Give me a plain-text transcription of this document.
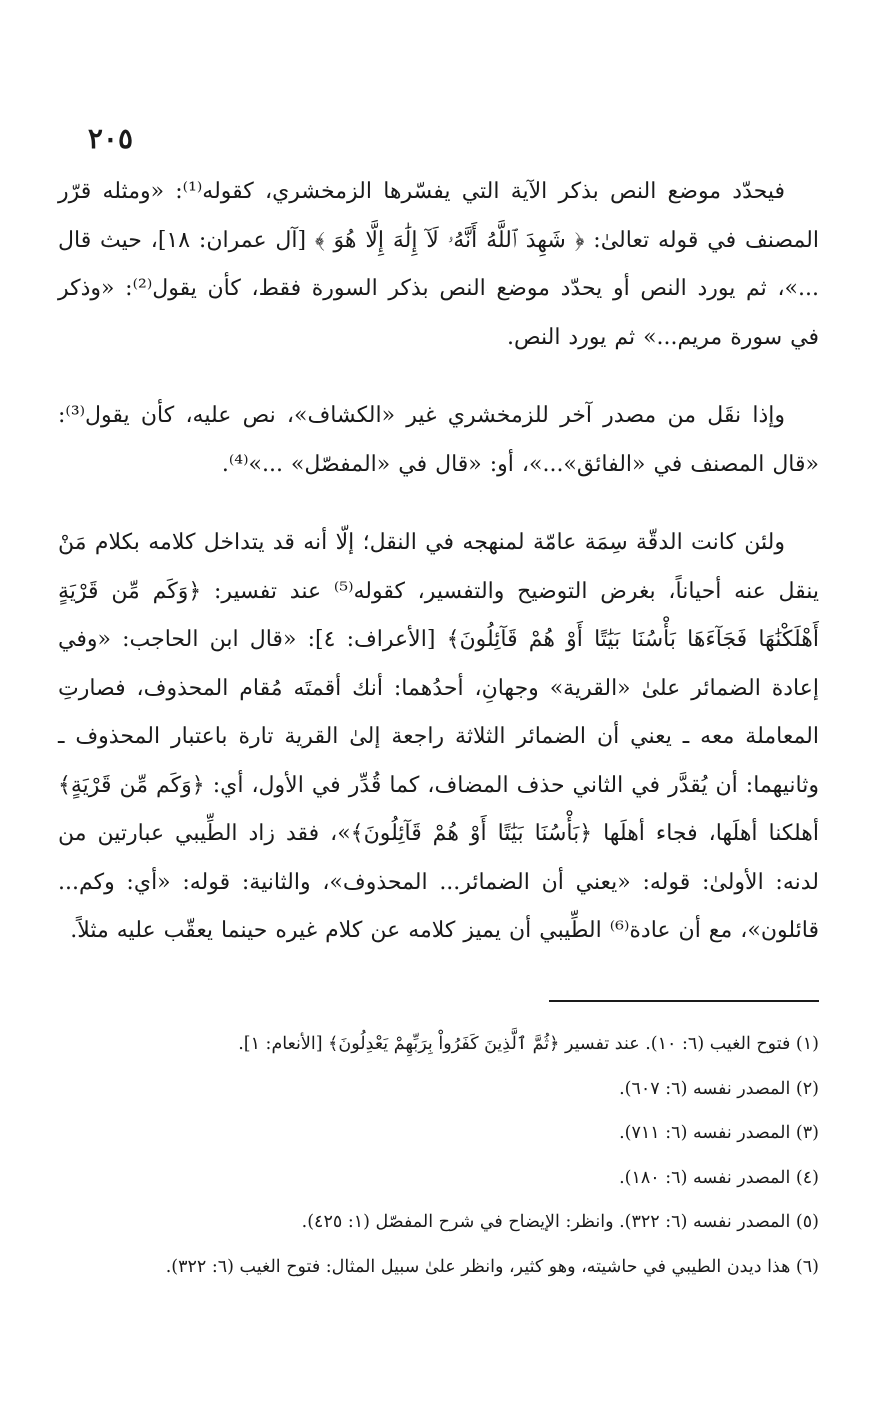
٢٠٥

فيحدّد موضع النص بذكر الآية التي يفسّرها الزمخشري، كقوله⁽¹⁾: «ومثله قرّر المصنف في قوله تعالىٰ: ﴿ شَهِدَ ٱللَّهُ أَنَّهُۥ لَآ إِلَٰهَ إِلَّا هُوَ ﴾ [آل عمران: ١٨]، حيث قال ...»، ثم يورد النص أو يحدّد موضع النص بذكر السورة فقط، كأن يقول⁽²⁾: «وذكر في سورة مريم...» ثم يورد النص.

وإذا نقَل من مصدر آخر للزمخشري غير «الكشاف»، نص عليه، كأن يقول⁽³⁾: «قال المصنف في «الفائق»...»، أو: «قال في «المفصّل» ...»⁽⁴⁾.

ولئن كانت الدقّة سِمَة عامّة لمنهجه في النقل؛ إلّا أنه قد يتداخل كلامه بكلام مَنْ ينقل عنه أحياناً، بغرض التوضيح والتفسير، كقوله⁽⁵⁾ عند تفسير: ﴿وَكَم مِّن قَرْيَةٍ أَهْلَكْنَٰهَا فَجَآءَهَا بَأْسُنَا بَيَٰتًا أَوْ هُمْ قَآئِلُونَ﴾ [الأعراف: ٤]: «قال ابن الحاجب: «وفي إعادة الضمائر علىٰ «القرية» وجهانِ، أحدُهما: أنك أقمتَه مُقام المحذوف، فصارتِ المعاملة معه ـ يعني أن الضمائر الثلاثة راجعة إلىٰ القرية تارة باعتبار المحذوف ـ وثانيهما: أن يُقدَّر في الثاني حذف المضاف، كما قُدِّر في الأول، أي: ﴿وَكَم مِّن قَرْيَةٍ﴾ أهلكنا أهلَها، فجاء أهلَها ﴿بَأْسُنَا بَيَٰتًا أَوْ هُمْ قَآئِلُونَ﴾»، فقد زاد الطِّيبي عبارتين من لدنه: الأولىٰ: قوله: «يعني أن الضمائر... المحذوف»، والثانية: قوله: «أي: وكم... قائلون»، مع أن عادة⁽⁶⁾ الطِّيبي أن يميز كلامه عن كلام غيره حينما يعقّب عليه مثلاً.

(١) فتوح الغيب (٦: ١٠). عند تفسير ﴿ثُمَّ ٱلَّذِينَ كَفَرُواْ بِرَبِّهِمْ يَعْدِلُونَ﴾ [الأنعام: ١].
(٢) المصدر نفسه (٦: ٦٠٧).
(٣) المصدر نفسه (٦: ٧١١).
(٤) المصدر نفسه (٦: ١٨٠).
(٥) المصدر نفسه (٦: ٣٢٢). وانظر: الإيضاح في شرح المفصّل (١: ٤٢٥).
(٦) هذا ديدن الطيبي في حاشيته، وهو كثير، وانظر علىٰ سبيل المثال: فتوح الغيب (٦: ٣٢٢).
